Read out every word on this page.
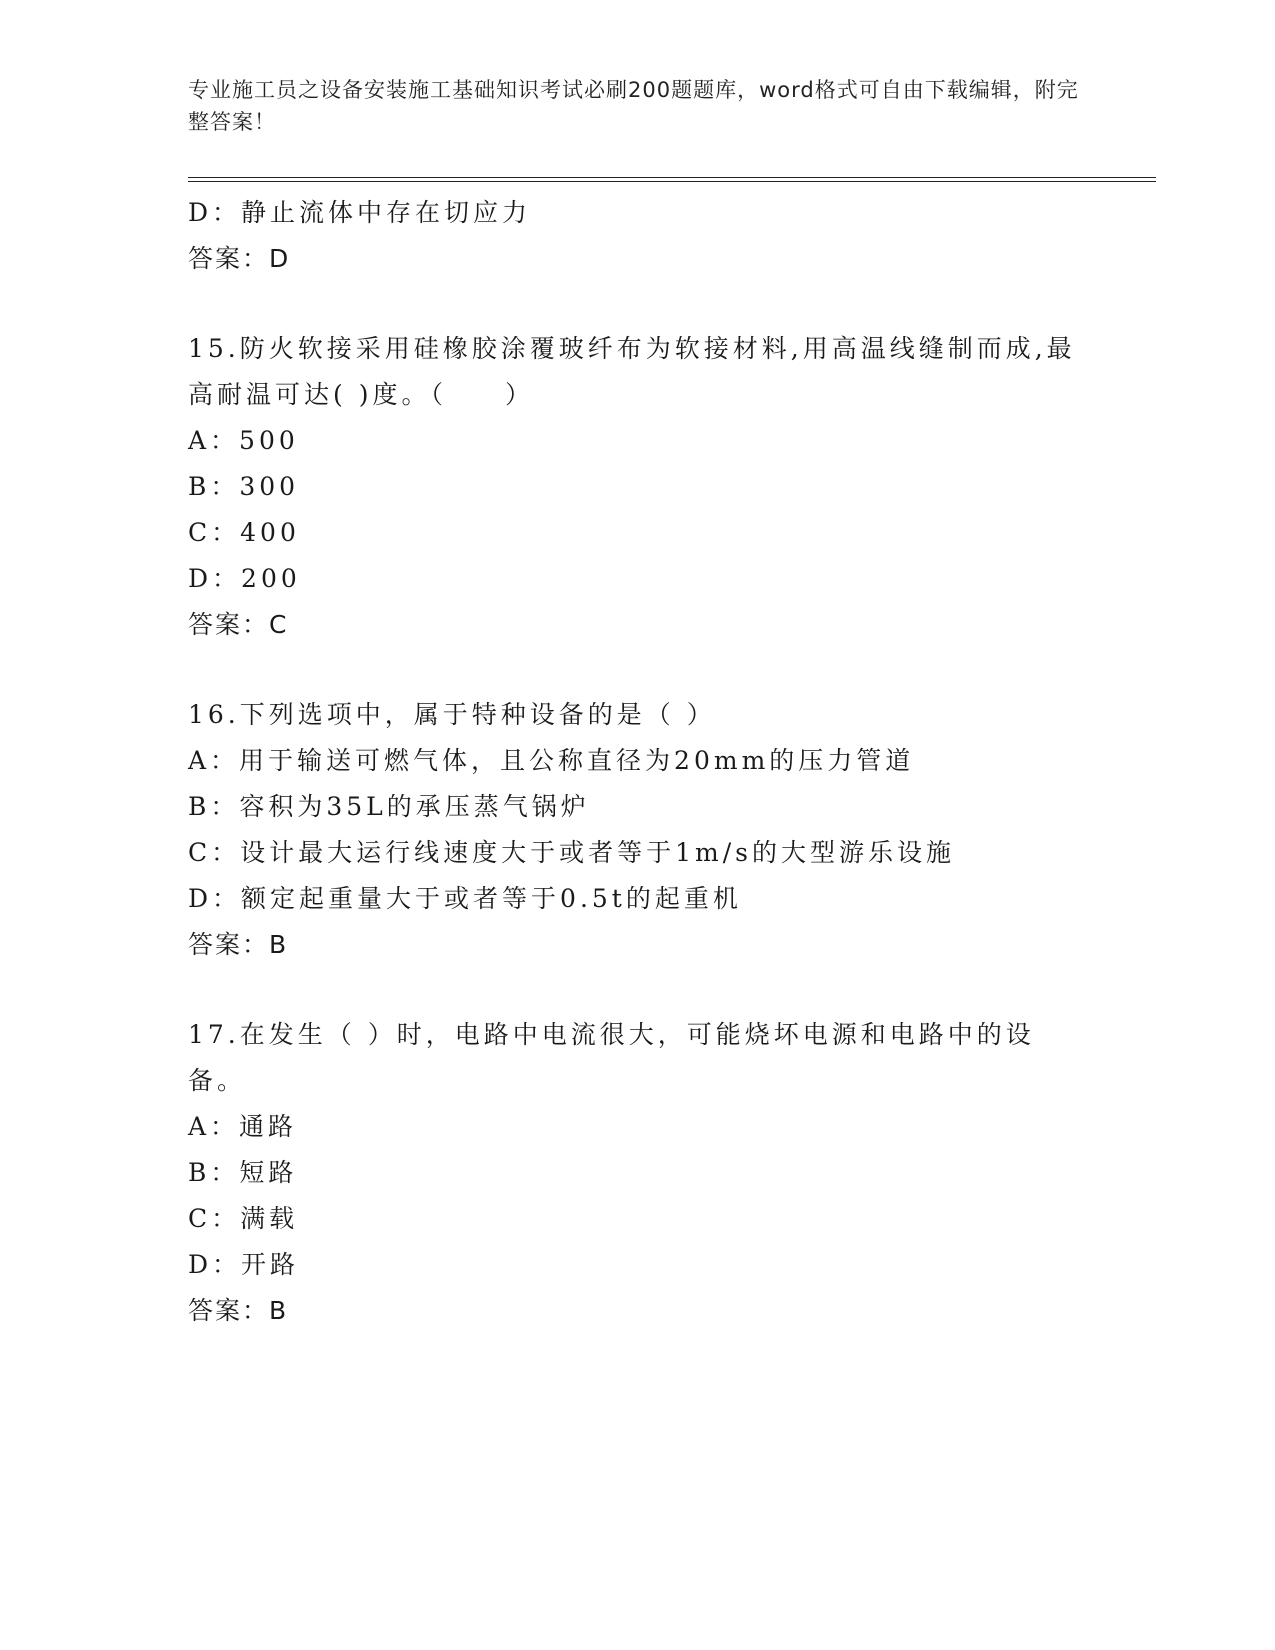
专业施工员之设备安装施工基础知识考试必刷200题题库，word格式可自由下载编辑，附完整答案！
D：静止流体中存在切应力
答案：D
15.防火软接采用硅橡胶涂覆玻纤布为软接材料,用高温线缝制而成,最高耐温可达( )度。（　　）
A：500
B：300
C：400
D：200
答案：C
16.下列选项中，属于特种设备的是（ ）
A：用于输送可燃气体，且公称直径为20mm的压力管道
B：容积为35L的承压蒸气锅炉
C：设计最大运行线速度大于或者等于1m/s的大型游乐设施
D：额定起重量大于或者等于0.5t的起重机
答案：B
17.在发生（ ）时，电路中电流很大，可能烧坏电源和电路中的设备。
A：通路
B：短路
C：满载
D：开路
答案：B
